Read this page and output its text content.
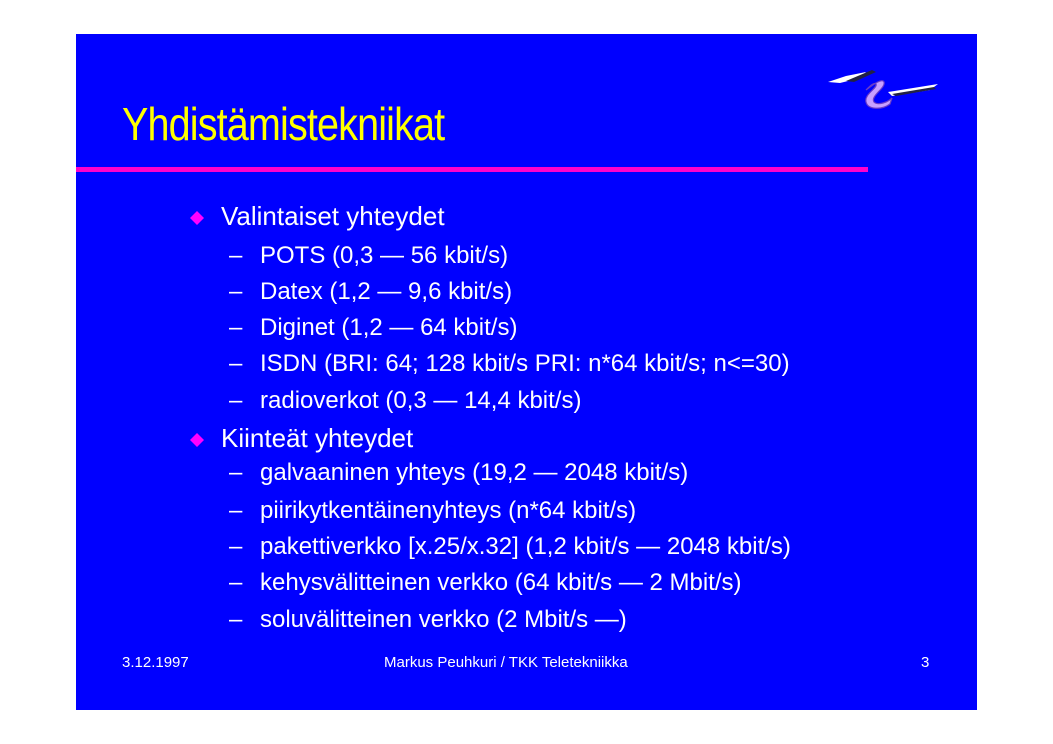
Yhdistämistekniikat
Valintaiset yhteydet
– POTS (0,3 — 56 kbit/s)
– Datex (1,2 — 9,6 kbit/s)
– Diginet (1,2 — 64 kbit/s)
– ISDN (BRI: 64; 128 kbit/s PRI: n*64 kbit/s; n<=30)
– radioverkot (0,3 — 14,4 kbit/s)
Kiinteät yhteydet
– galvaaninen yhteys (19,2 — 2048 kbit/s)
– piirikytkentäinenyhteys (n*64 kbit/s)
– pakettiverkko [x.25/x.32] (1,2 kbit/s — 2048 kbit/s)
– kehysvälitteinen verkko (64 kbit/s — 2 Mbit/s)
– soluvälitteinen verkko (2 Mbit/s —)
3.12.1997	Markus Peuhkuri / TKK Teletekniikka	3
